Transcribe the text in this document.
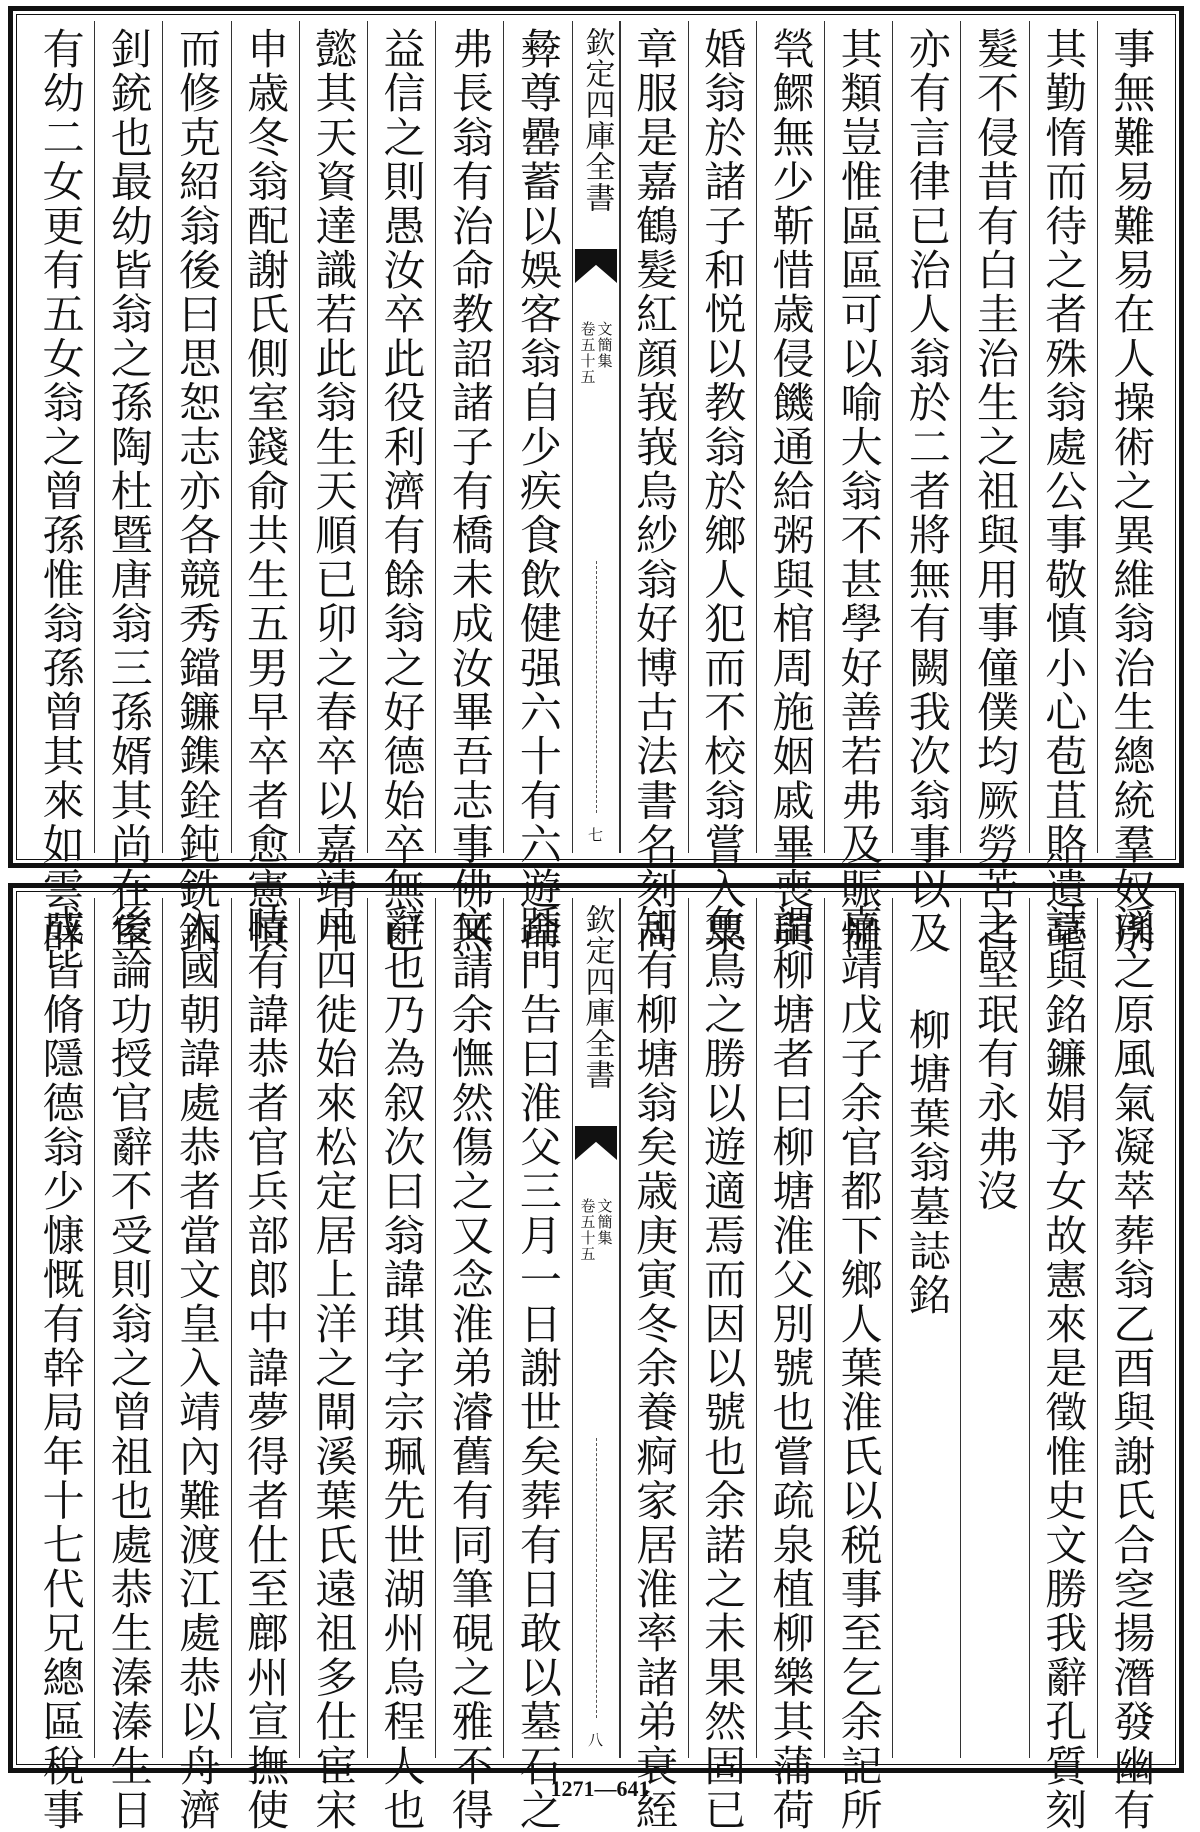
事無難易難易在人操術之異維翁治生總統羣奴別
其勤惰而待之者殊翁處公事敬慎小心苞苴賂遺毫
髮不侵昔有白圭治生之祖與用事僮僕均厥勞苦古
亦有言律已治人翁於二者將無有闕我次翁事以及
其類豈惟區區可以喻大翁不甚學好善若弗及賑恤
煢鰥無少靳惜歳侵饑通給粥與棺周施姻戚畢喪與
婚翁於諸子和悦以教翁於鄉人犯而不校翁嘗入粟
章服是嘉鶴髮紅顔峩峩烏紗翁好博古法書名刻咼
欽定四庫全書
文簡集
卷五十五
七
彜尊罍蓄以娛客翁自少疾食飲健强六十有六遊命
弗長翁有治命教詔諸子有橋未成汝畢吾志事佛無
益信之則愚汝卒此役利濟有餘翁之好德始卒無已
懿其天資達識若此翁生天順已卯之春卒以嘉靖甲
申歳冬翁配謝氏側室錢俞共生五男早卒者愈憲慎
而修克紹翁後曰思恕志亦各競秀鐺鐮鏶銓鈍銑銅
釗銃也最幼皆翁之孫陶杜暨唐翁三孫婿其尚在室
有幼二女更有五女翁之曾孫惟翁孫曾其來如雲薛
溪之原風氣凝萃葬翁乙酉與謝氏合窆揚潛發幽有
誌與銘鐮娟予女故憲來是徵惟史文勝我辭孔質刻
之堅珉有永弗沒
柳塘葉翁墓誌銘
嘉靖戊子余官都下鄉人葉淮氏以税事至乞余記所
謂柳塘者曰柳塘淮父別號也嘗疏泉植柳樂其蒲荷
魚鳥之勝以遊適焉而因以號也余諾之未果然固已
知有柳塘翁矣歳庚寅冬余養痾家居淮率諸弟衰絰
欽定四庫全書
文簡集
卷五十五
八
踵門告曰淮父三月一日謝世矣葬有日敢以墓石之
文請余憮然傷之又念淮弟濬舊有同筆硯之雅不得
辭也乃為叙次曰翁諱琪字宗珮先世湖州烏程人也
凡四徙始來松定居上洋之閘溪葉氏遠祖多仕宦宋
時有諱恭者官兵部郎中諱夢得者仕至鄜州宣撫使
入國朝諱處恭者當文皇入靖內難渡江處恭以舟濟
後論功授官辭不受則翁之曾祖也處恭生溱溱生日
成皆脩隱德翁少慷慨有幹局年十七代兄總區稅事	1271—641
